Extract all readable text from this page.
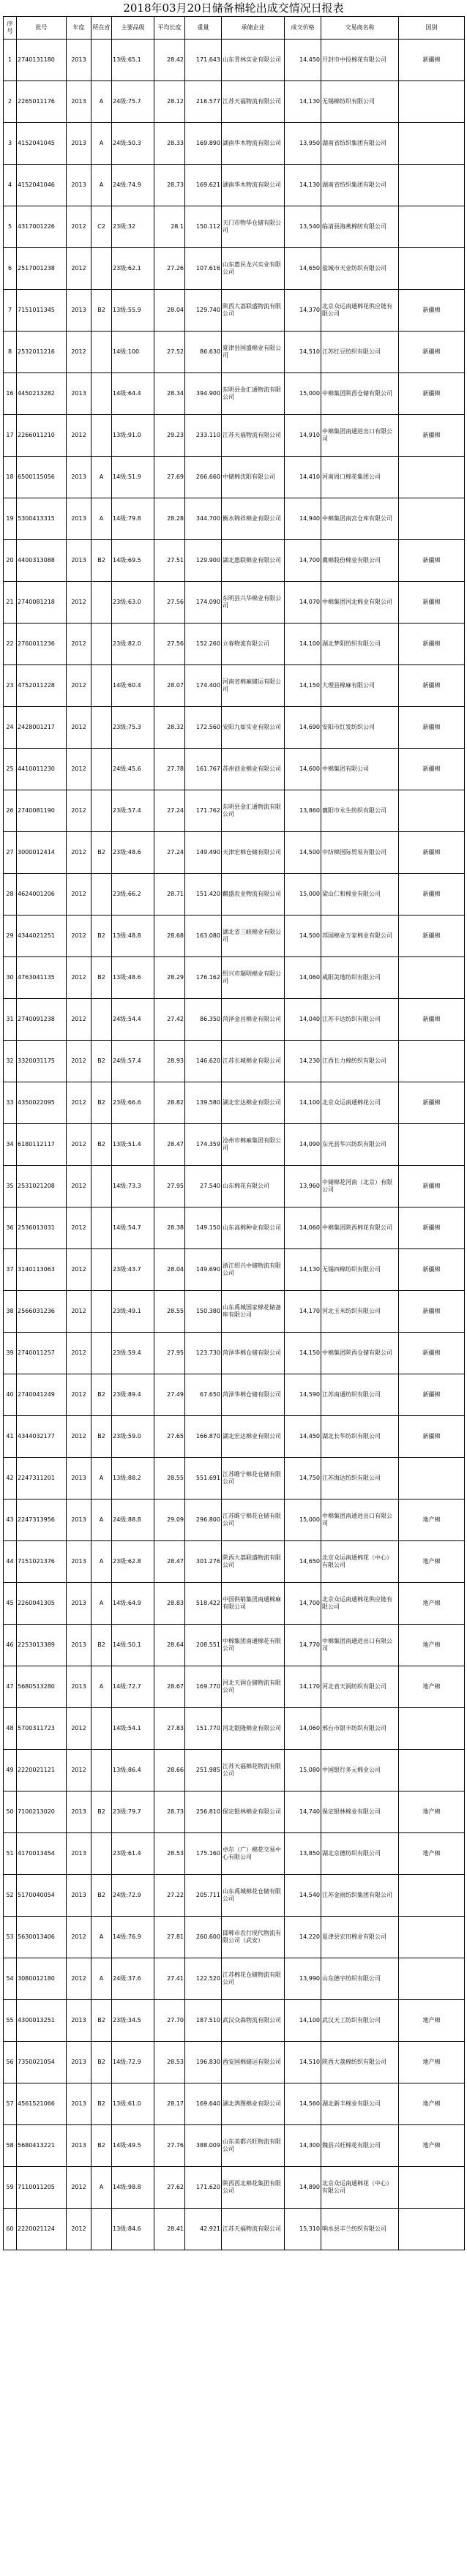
2018年03月20日储备棉轮出成交情况日报表
序号	批号	年度	所在省	主要品级	平均长度	重量	承储企业	成交价格	交易商名称	国别
1	2740131180	2013		13级:65.1	28.42	171.643	山东青林实业有限公司	14,450	开封市中投棉花有限公司	新疆棉
2	2265011176	2013	A	24级:75.7	28.12	216.577	江苏天福物流有限公司	14,130	无锡棉纺织有限公司	
3	4152041045	2013	A	24级:50.3	28.33	169.890	湖南华木物流有限公司	13,950	湖南省纺织集团有限公司	
4	4152041046	2013	A	24级:74.9	28.73	169.621	湖南华木物流有限公司	14,130	湖南省纺织集团有限公司	
5	4317001226	2012	C2	23级:32	28.1	150.112	天门市物华仓储有限公司	13,540	临清县海燕棉纺有限公司	
6	2517001238	2012		23级:62.1	27.26	107.616	山东惠民龙兴实业有限公司	14,650	盐城市天业纺织有限公司	
7	7151011345	2013	B2	13级:55.9	28.04	129.740	陕西大荔联盛物流有限公司	14,370	北京众运南通棉花供应链有限公司	新疆棉
8	2532011216	2012		14级:100	27.52	86.630	夏津县国盛棉业有限公司	14,510	江苏红豆纺织有限公司	新疆棉
16	4450213282	2013		14级:64.4	28.34	394.900	东明县金汇通物流有限公司	15,000	中棉集团陕西仓储有限公司	新疆棉
17	2266011210	2012		13级:91.0	29.23	233.110	江苏天福物流有限公司	14,910	中棉集团南通进出口有限公司	新疆棉
18	6500115056	2013	A	14级:51.9	27.69	266.660	中储棉沈阳有限公司	14,410	河南周口棉花集团公司	
19	5300413315	2013	A	14级:79.8	28.28	344.700	衡水锦祥棉业有限公司	14,940	中棉集团南宫仓库有限公司	
20	4400313088	2013	B2	14级:69.5	27.51	129.900	湖北惠联棉业有限公司	14,700	冀棉股份棉业有限公司	新疆棉
21	2740081218	2012		23级:63.0	27.56	174.090	东明县兴华棉业有限公司	14,070	中棉集团河北棉业有限公司	新疆棉
22	2760011236	2012		23级:82.0	27.56	152.260	立春物流有限公司	14,100	湖北梦阳纺织有限公司	新疆棉
23	4752011228	2012		14级:60.4	28.07	174.400	河南省棉麻储运有限公司	14,150	大理县棉麻有限公司	新疆棉
24	2428001217	2012		23级:75.3	28.32	172.560	安阳九如实业有限公司	14,690	安阳市红发纺织公司	新疆棉
25	4410011230	2012		24级:45.6	27.78	161.767	苏州创业棉业有限公司	14,600	中棉集团有限公司	新疆棉
26	2740081190	2012		23级:57.4	27.24	171.762	东明县金汇通物流有限公司	13,860	襄阳市永生纺织有限公司	
27	3000012414	2012	B2	23级:48.6	27.24	149.490	天津宏棉仓储有限公司	14,500	中纺棉国际贸易有限公司	新疆棉
28	4624001206	2012		23级:66.2	28.71	151.420	麒盛农业物流有限公司	15,000	梁山仁和棉业有限公司	新疆棉
29	4344021251	2012	B2	13级:48.8	28.68	163.080	湖北省三峡棉业有限公司	14,500	邦国棉业万家棉业有限公司	新疆棉
30	4763041135	2012	B2	13级:48.6	28.29	176.162	绍兴市瑞明棉业有限公司	14,060	咸阳美地纺织有限公司	
31	2740091238	2012		24级:54.4	27.42	86.350	菏泽金昌棉业有限公司	14,040	江苏丰达纺织有限公司	新疆棉
32	3320031175	2012	B2	24级:57.4	28.93	146.620	江苏长城棉业有限公司	14,230	江西长力棉纺织有限公司	
33	4350022095	2012	B2	23级:66.6	28.82	139.580	湖北宏达棉业有限公司	14,100	北京众运南通棉花公司	新疆棉
34	6180112117	2012	B2	13级:51.4	28.47	174.359	沧州市棉麻集团有限公司	14,090	东光县华兴纺织有限公司	
35	2531021208	2012		14级:73.3	27.95	27.540	山东棉花有限公司	13,960	中储棉花河南（北京）有限公司	新疆棉
36	2536013031	2012		14级:54.7	28.38	149.150	山东高棉种业有限公司	14,060	中棉集团陕西棉花有限公司	新疆棉
37	3140113063	2012		23级:43.7	28.04	149.690	浙江绍兴中储物流有限公司	14,130	无锡四棉纺织有限公司	新疆棉
38	2566031236	2012		23级:49.1	28.55	150.380	山东禹城国家棉花储备库有限公司	14,170	河北玉米纺织有限公司	新疆棉
39	2740011257	2012		23级:59.4	27.95	123.730	菏泽华棉仓储有限公司	14,150	中棉集团陕西仓储有限公司	新疆棉
40	2740041249	2012	B2	23级:89.4	27.49	67.650	菏泽华棉仓储有限公司	14,590	江苏南通纺织有限公司	新疆棉
41	4344032177	2012	B2	23级:59.0	27.65	166.870	湖北宏达棉业有限公司	14,450	湖北长华纺织有限公司	新疆棉
42	2247311201	2013	A	13级:88.2	28.55	551.691	江苏睢宁棉花仓储有限公司	14,750	江苏海达纺织有限公司	
43	2247313956	2013	A	24级:88.8	29.09	296.800	江苏睢宁棉花仓储有限公司	15,000	中棉集团南通进出口有限公司	地产棉
44	7151021376	2013	A	23级:62.8	28.47	301.276	陕西大荔联盛物流有限公司	14,650	北京众运南通棉花（中心）有限公司	地产棉
45	2260041305	2013	A	14级:64.9	28.83	518.422	中国供销集团南通棉麻有限公司	14,700	北京众运南通棉花供应链有限公司	地产棉
46	2253013389	2013	B2	14级:50.1	28.64	208.551	中棉集团南通棉花有限公司	14,770	中棉集团南通进出口有限公司	地产棉
47	5680513280	2013	A	14级:72.7	28.67	169.770	河北天润仓储物流有限公司	14,170	河北省天润纺织有限公司	地产棉
48	5700311723	2012		14级:54.1	27.83	151.770	河北银隆棉业有限公司	14,060	邢台市银丰纺织有限公司	
49	2220021121	2012		13级:86.4	28.66	251.985	江苏天福棉花物流有限公司	15,080	中国银行多元棉业公司	
50	7100213020	2013	B2	23级:79.7	28.73	256.810	保定银林棉业有限公司	14,740	保定银林棉业有限公司	地产棉
51	4170013454	2013		23级:61.4	28.53	175.160	卓尔（广）棉花交易中心有限公司	13,850	湖北京德纺织有限公司	地产棉
52	5170040054	2013	B2	24级:72.9	27.22	205.711	山东禹城棉花仓储有限公司	14,540	江苏金雨纺织集团有限公司	
53	5630013406	2012	A	14级:76.9	27.81	260.600	邯郸市农行现代物流有限公司（武安）	14,220	夏津县宏田棉业有限公司	
54	3080012180	2012	A	24级:37.6	27.41	122.520	江苏棉花仓储物流有限公司	13,990	山东德宇纺织有限公司	
55	4300013251	2013	B2	23级:34.5	27.70	187.510	武汉众森物流有限公司	14,100	武汉天工纺织有限公司	地产棉
56	7350021054	2013	B2	14级:72.9	28.53	196.830	西安国棉储运有限公司	14,510	陕西大荔棉纺织有限公司	地产棉
57	4561521066	2013	B2	13级:61.0	28.17	169.640	湖北鸿图棉业有限公司	14,560	湖北新丰棉业有限公司	地产棉
58	5680413221	2013	B2	14级:49.5	27.76	388.009	山东美都兴旺物流有限公司	14,300	魏县兴旺棉花有限公司	地产棉
59	7110011205	2012	A	14级:98.8	27.62	171.620	陕西西北棉花集团有限公司	14,890	北京众运南通棉花（中心）有限公司	
60	2220021124	2012		13级:84.6	28.41	42.921	江苏天福物流有限公司	15,310	响水县丰兰纺织有限公司	
